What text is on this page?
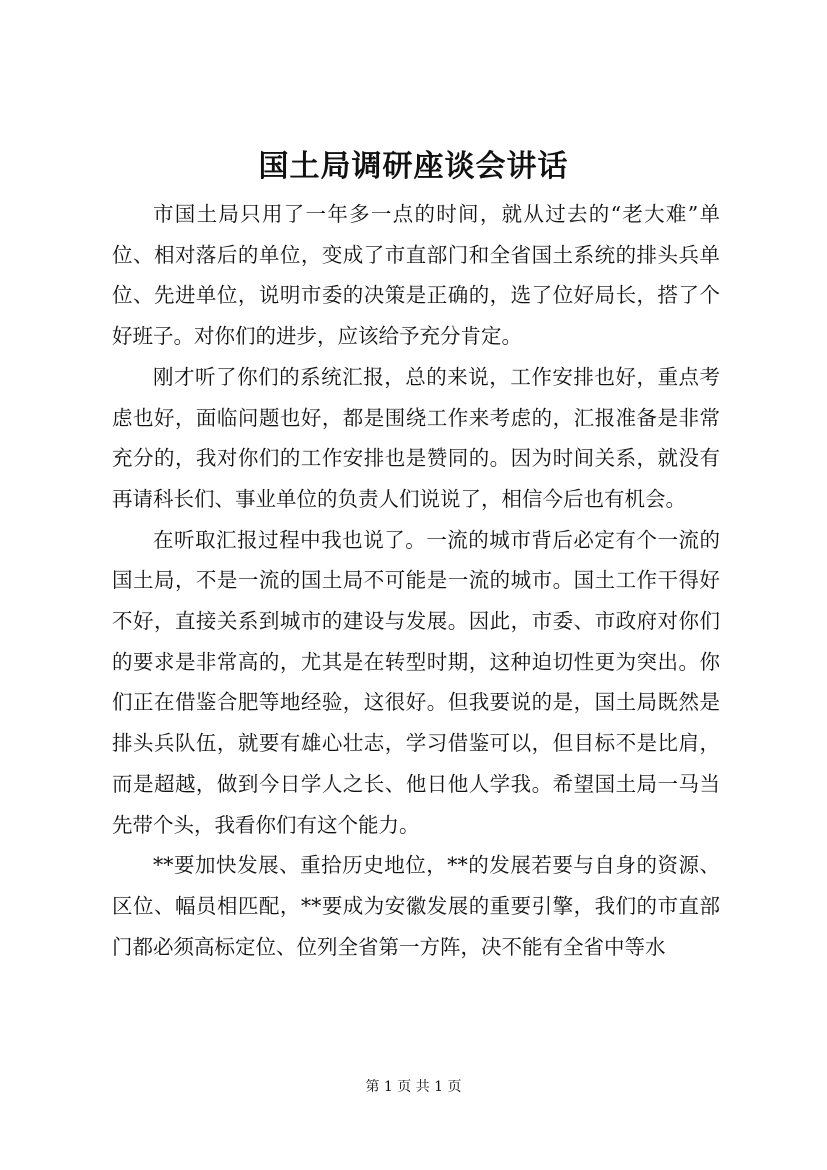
国土局调研座谈会讲话

市国土局只用了一年多一点的时间，就从过去的“老大难”单位、相对落后的单位，变成了市直部门和全省国土系统的排头兵单位、先进单位，说明市委的决策是正确的，选了位好局长，搭了个好班子。对你们的进步，应该给予充分肯定。

刚才听了你们的系统汇报，总的来说，工作安排也好，重点考虑也好，面临问题也好，都是围绕工作来考虑的，汇报准备是非常充分的，我对你们的工作安排也是赞同的。因为时间关系，就没有再请科长们、事业单位的负责人们说说了，相信今后也有机会。

在听取汇报过程中我也说了。一流的城市背后必定有个一流的国土局，不是一流的国土局不可能是一流的城市。国土工作干得好不好，直接关系到城市的建设与发展。因此，市委、市政府对你们的要求是非常高的，尤其是在转型时期，这种迫切性更为突出。你们正在借鉴合肥等地经验，这很好。但我要说的是，国土局既然是排头兵队伍，就要有雄心壮志，学习借鉴可以，但目标不是比肩，而是超越，做到今日学人之长、他日他人学我。希望国土局一马当先带个头，我看你们有这个能力。

**要加快发展、重拾历史地位，**的发展若要与自身的资源、区位、幅员相匹配，**要成为安徽发展的重要引擎，我们的市直部门都必须高标定位、位列全省第一方阵，决不能有全省中等水

第 1 页 共 1 页
